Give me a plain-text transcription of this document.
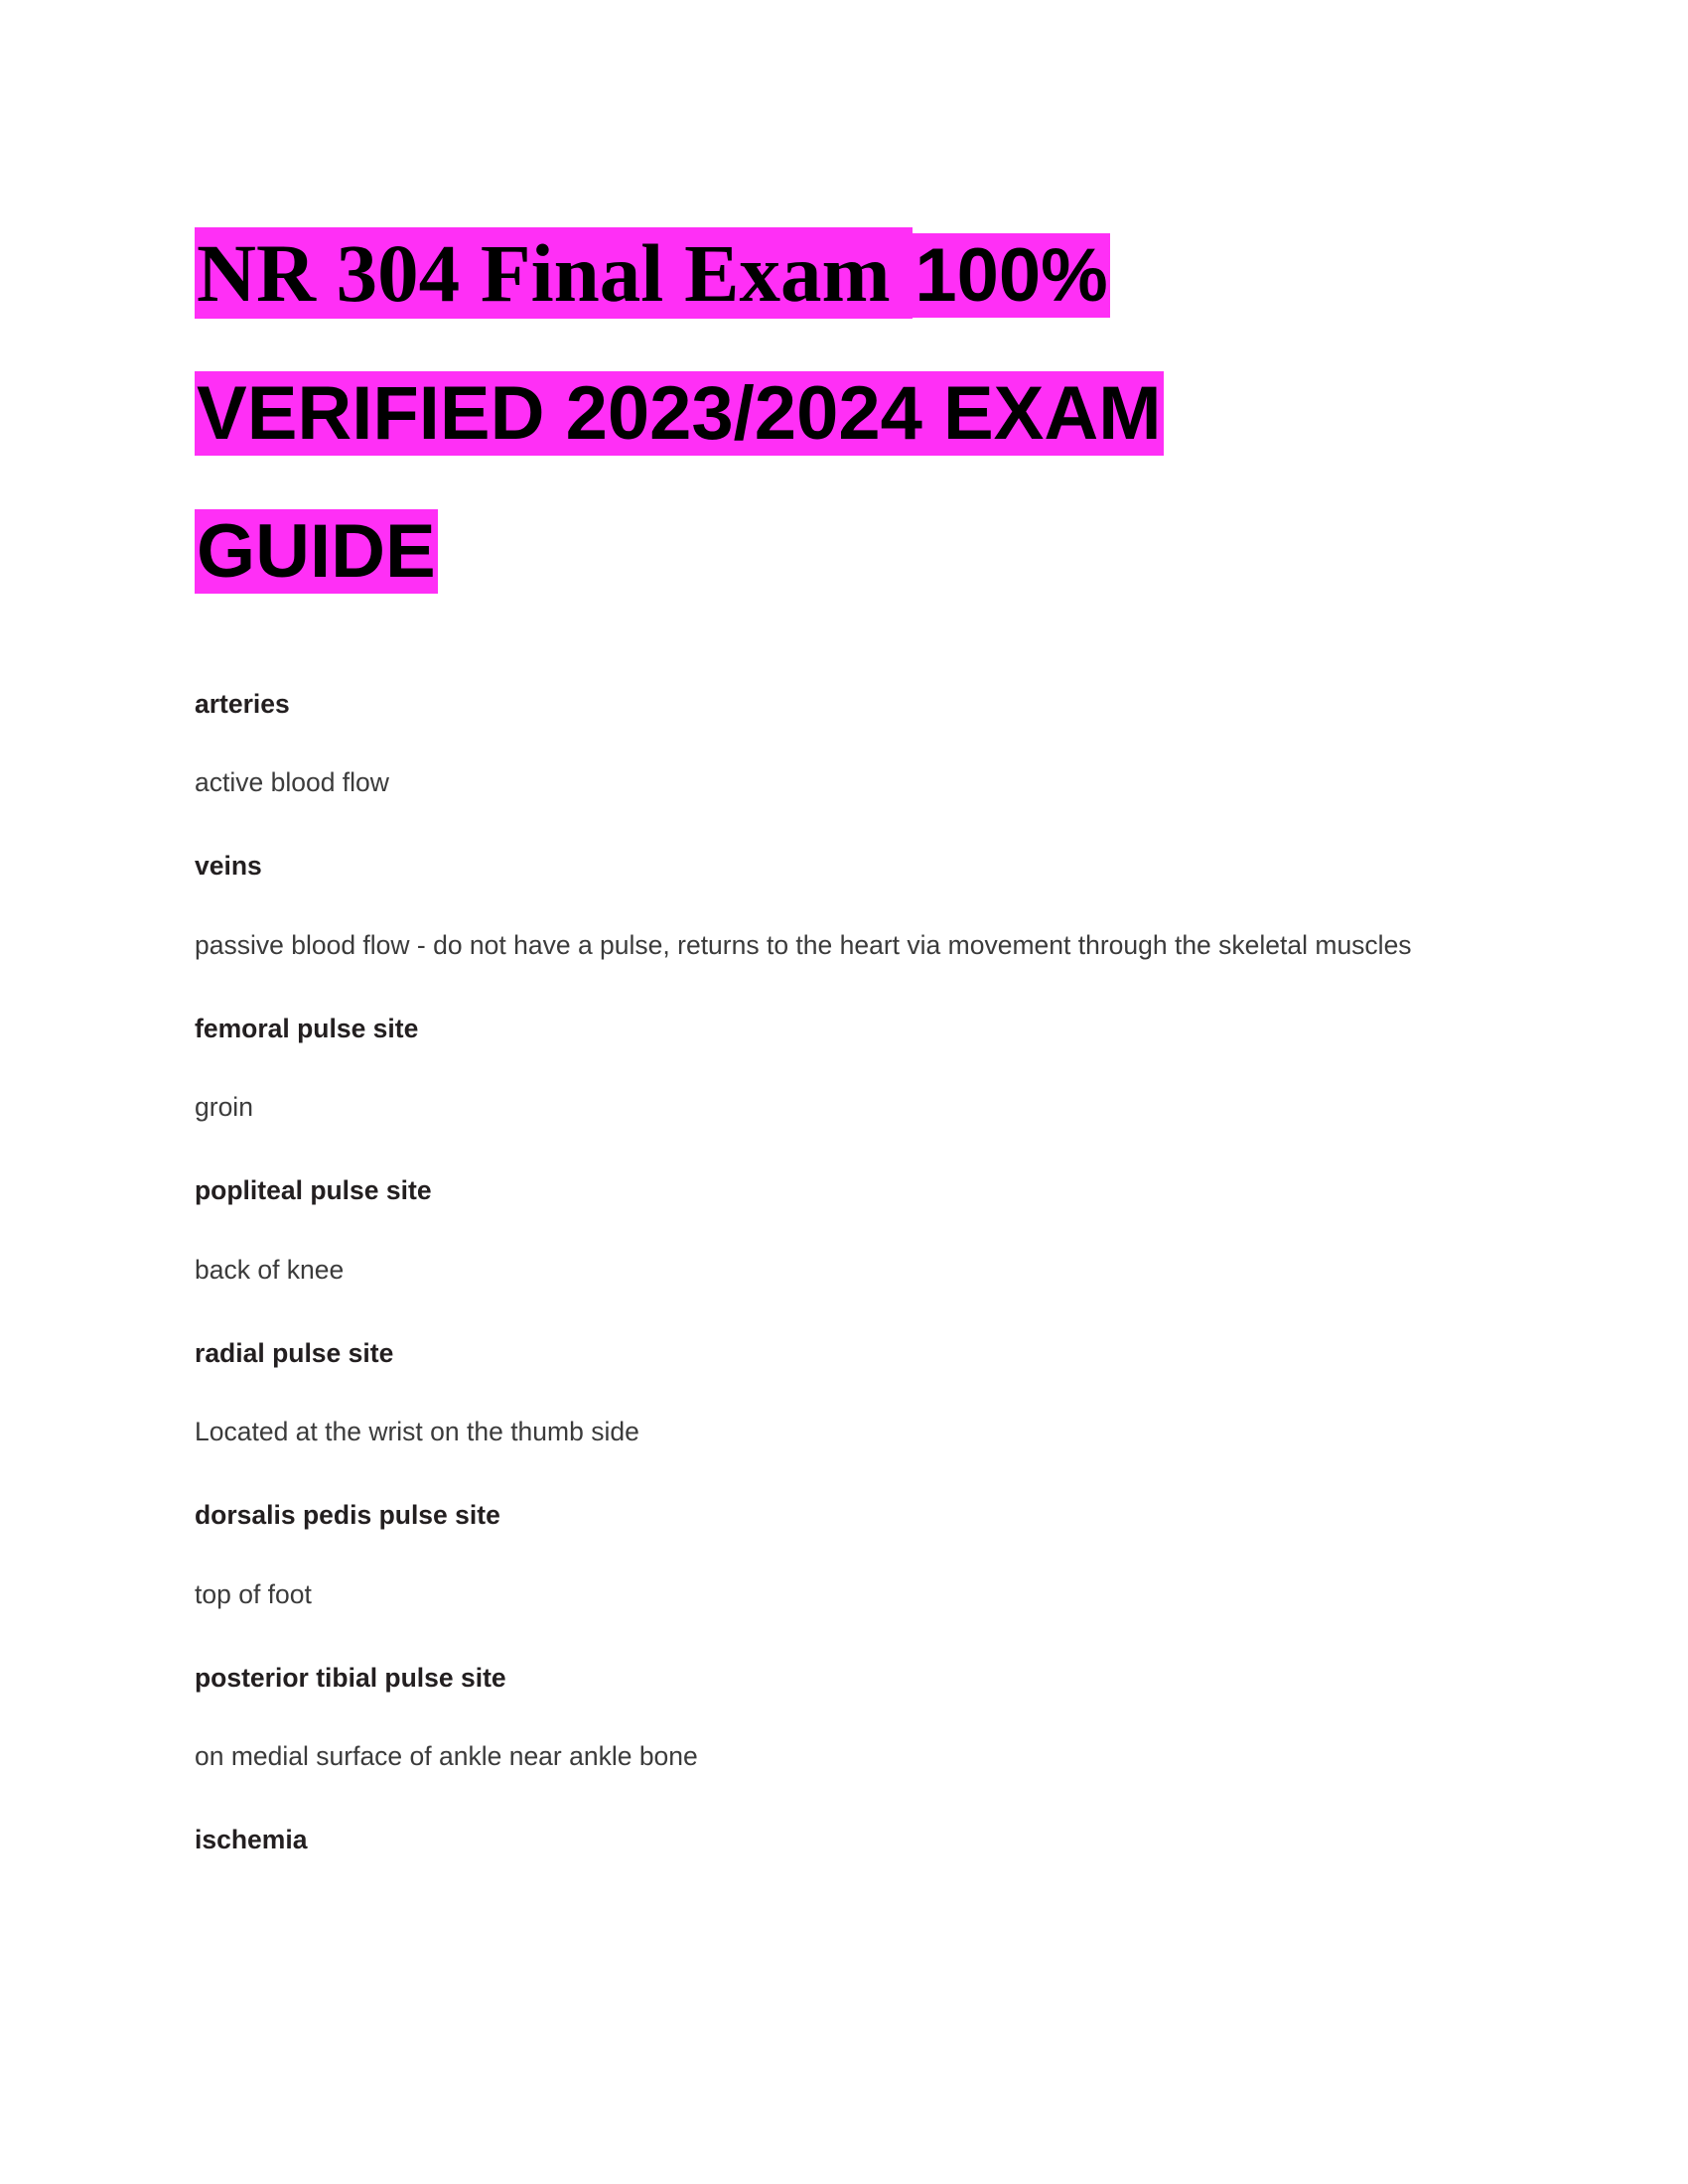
NR 304 Final Exam 100%
VERIFIED 2023/2024 EXAM
GUIDE

arteries

active blood flow

veins

passive blood flow - do not have a pulse, returns to the heart via movement through the skeletal muscles

femoral pulse site

groin

popliteal pulse site

back of knee

radial pulse site

Located at the wrist on the thumb side

dorsalis pedis pulse site

top of foot

posterior tibial pulse site

on medial surface of ankle near ankle bone

ischemia
